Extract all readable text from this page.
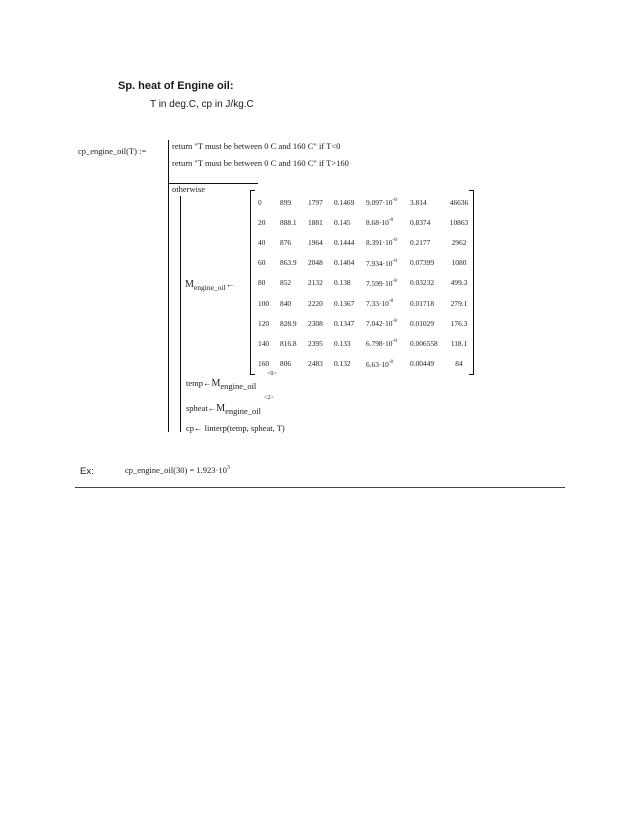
Sp. heat of Engine oil:
T in deg.C, cp in J/kg.C
cp_engine_oil(T) :=	return "T must be between 0 C and 160 C" if T<0
return "T must be between 0 C and 160 C" if T>160
otherwise
Mengine_oil←
0	899	1797	0.1469	$9.097\cdot 10^{-8}$	3.814	46636
20	888.1	1881	0.145	$8.68\cdot 10^{-8}$	0.8374	10863
40	876	1964	0.1444	$8.391\cdot 10^{-8}$	0.2177	2962
60	863.9	2048	0.1404	$7.934\cdot 10^{-8}$	0.07399	1080
80	852	2132	0.138	$7.599\cdot 10^{-8}$	0.03232	499.3
100	840	2220	0.1367	$7.33\cdot 10^{-8}$	0.01718	279.1
120	828.9	2308	0.1347	$7.042\cdot 10^{-8}$	0.01029	176.3
140	816.8	2395	0.133	$6.798\cdot 10^{-8}$	0.006558	118.1
160	806	2483	0.132	$6.63\cdot 10^{-8}$	0.00449	84
temp←Mengine_oil
<0>
spheat←Mengine_oil
<2>
cp← linterp(temp, spheat, T)
Ex:	cp_engine_oil(30) = $1.923\cdot 10^3$
